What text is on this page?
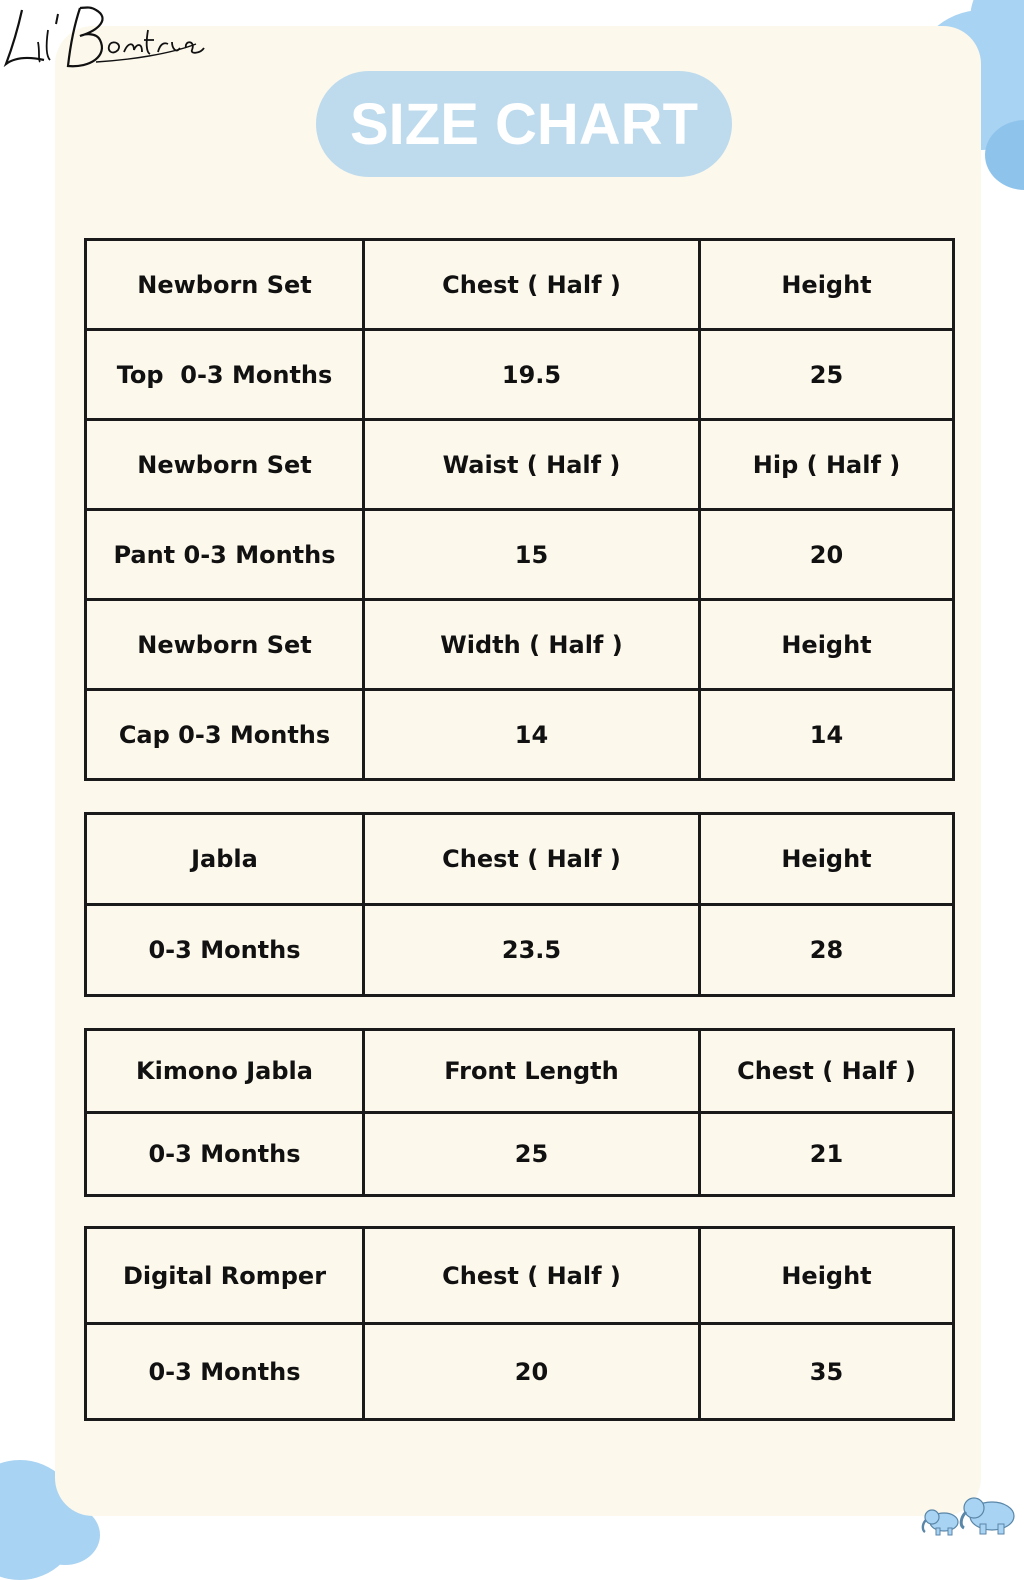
SIZE CHART
Newborn Set	Chest ( Half )	Height
Top  0-3 Months	19.5	25
Newborn Set	Waist ( Half )	Hip ( Half )
Pant 0-3 Months	15	20
Newborn Set	Width ( Half )	Height
Cap 0-3 Months	14	14
Jabla	Chest ( Half )	Height
0-3 Months	23.5	28
Kimono Jabla	Front Length	Chest ( Half )
0-3 Months	25	21
Digital Romper	Chest ( Half )	Height
0-3 Months	20	35
